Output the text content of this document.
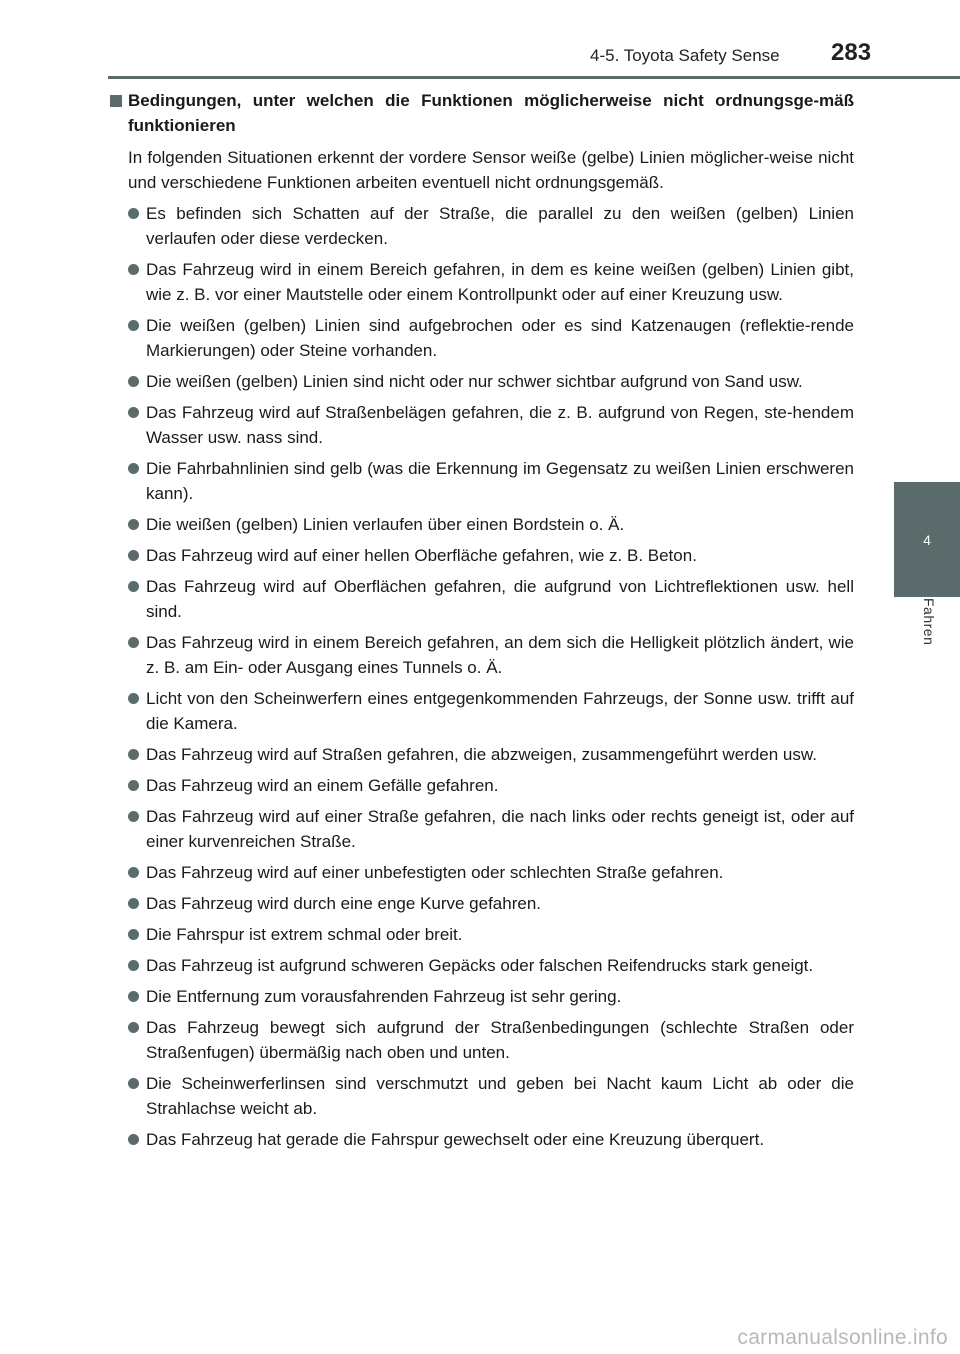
4-5. Toyota Safety Sense 283
4
Fahren
Bedingungen, unter welchen die Funktionen möglicherweise nicht ordnungsge-mäß funktionieren

In folgenden Situationen erkennt der vordere Sensor weiße (gelbe) Linien möglicher-weise nicht und verschiedene Funktionen arbeiten eventuell nicht ordnungsgemäß.

Es befinden sich Schatten auf der Straße, die parallel zu den weißen (gelben) Linien verlaufen oder diese verdecken.
Das Fahrzeug wird in einem Bereich gefahren, in dem es keine weißen (gelben) Linien gibt, wie z. B. vor einer Mautstelle oder einem Kontrollpunkt oder auf einer Kreuzung usw.
Die weißen (gelben) Linien sind aufgebrochen oder es sind Katzenaugen (reflektie-rende Markierungen) oder Steine vorhanden.
Die weißen (gelben) Linien sind nicht oder nur schwer sichtbar aufgrund von Sand usw.
Das Fahrzeug wird auf Straßenbelägen gefahren, die z. B. aufgrund von Regen, ste-hendem Wasser usw. nass sind.
Die Fahrbahnlinien sind gelb (was die Erkennung im Gegensatz zu weißen Linien erschweren kann).
Die weißen (gelben) Linien verlaufen über einen Bordstein o. Ä.
Das Fahrzeug wird auf einer hellen Oberfläche gefahren, wie z. B. Beton.
Das Fahrzeug wird auf Oberflächen gefahren, die aufgrund von Lichtreflektionen usw. hell sind.
Das Fahrzeug wird in einem Bereich gefahren, an dem sich die Helligkeit plötzlich ändert, wie z. B. am Ein- oder Ausgang eines Tunnels o. Ä.
Licht von den Scheinwerfern eines entgegenkommenden Fahrzeugs, der Sonne usw. trifft auf die Kamera.
Das Fahrzeug wird auf Straßen gefahren, die abzweigen, zusammengeführt werden usw.
Das Fahrzeug wird an einem Gefälle gefahren.
Das Fahrzeug wird auf einer Straße gefahren, die nach links oder rechts geneigt ist, oder auf einer kurvenreichen Straße.
Das Fahrzeug wird auf einer unbefestigten oder schlechten Straße gefahren.
Das Fahrzeug wird durch eine enge Kurve gefahren.
Die Fahrspur ist extrem schmal oder breit.
Das Fahrzeug ist aufgrund schweren Gepäcks oder falschen Reifendrucks stark geneigt.
Die Entfernung zum vorausfahrenden Fahrzeug ist sehr gering.
Das Fahrzeug bewegt sich aufgrund der Straßenbedingungen (schlechte Straßen oder Straßenfugen) übermäßig nach oben und unten.
Die Scheinwerferlinsen sind verschmutzt und geben bei Nacht kaum Licht ab oder die Strahlachse weicht ab.
Das Fahrzeug hat gerade die Fahrspur gewechselt oder eine Kreuzung überquert.
carmanualsonline.info
